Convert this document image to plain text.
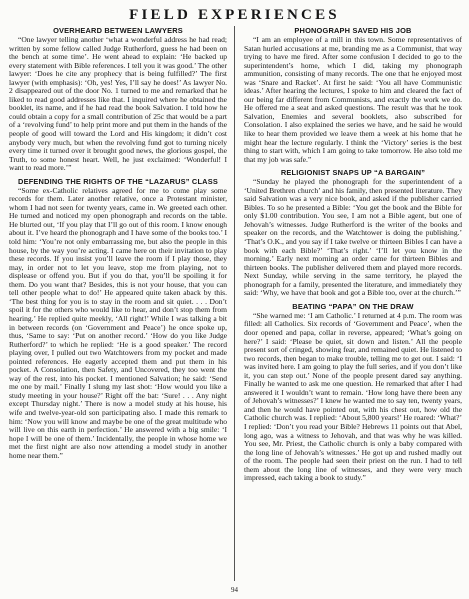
FIELD EXPERIENCES
OVERHEARD BETWEEN LAWYERS

“One lawyer telling another ‘what a wonderful address he had read; written by some fellow called Judge Rutherford, guess he had been on the bench at some time’. He went ahead to explain: ‘He backed up every statement with Bible references. I tell you it was good.’ The other lawyer: ‘Does he cite any prophecy that is being fulfilled?’ The first lawyer (with emphasis): ‘Oh, yes! Yes, I’ll say he does!’ As lawyer No. 2 disappeared out of the door No. 1 turned to me and remarked that he liked to read good addresses like that. I inquired where he obtained the booklet, its name, and if he had read the book Salvation. I told how he could obtain a copy for a small contribution of 25c that would be a part of a ‘revolving fund’ to help print more and put them in the hands of the people of good will toward the Lord and His kingdom; it didn’t cost anybody very much, but when the revolving fund got to turning nicely every time it turned over it brought good news, the glorious gospel, the Truth, to some honest heart. Well, he just exclaimed: ‘Wonderful! I want to read more.’”

DEFENDING THE RIGHTS OF THE “LAZARUS” CLASS

“Some ex-Catholic relatives agreed for me to come play some records for them. Later another relative, once a Protestant minister, whom I had not seen for twenty years, came in. We greeted each other. He turned and noticed my open phonograph and records on the table. He blurted out, ‘If you play that I’ll go out of this room. I know enough about it. I’ve heard the phonograph and I have some of the books too.’ I told him: ‘You’re not only embarrassing me, but also the people in this house, by the way you’re acting. I came here on their invitation to play these records. If you insist you’ll leave the room if I play those, they may, in order not to let you leave, stop me from playing, not to displease or offend you. But if you do that, you’ll be spoiling it for them. Do you want that? Besides, this is not your house, that you can tell other people what to do!’ He appeared quite taken aback by this. ‘The best thing for you is to stay in the room and sit quiet. . . . Don’t spoil it for the others who would like to hear, and don’t stop them from hearing.’ He replied quite meekly, ‘All right!’ While I was talking a bit in between records (on ‘Government and Peace’) he once spoke up, thus, ‘Same to say: ‘Put on another record.’ ‘How do you like Judge Rutherford?’ to which he replied: ‘He is a good speaker.’ The record playing over, I pulled out two Watchtowers from my pocket and made pointed references. He eagerly accepted them and put them in his pocket. A Consolation, then Safety, and Uncovered, they too went the way of the rest, into his pocket. I mentioned Salvation; he said: ‘Send me one by mail.’ Finally I slung my last shot: ‘How would you like a study meeting in your house?’ Right off the bat: ‘Sure! . . . Any night except Thursday night.’ There is now a model study at his house, his wife and twelve-year-old son participating also. I made this remark to him: ‘Now you will know and maybe be one of the great multitude who will live on this earth in perfection.’ He answered with a big smile: ‘I hope I will be one of them.’ Incidentally, the people in whose home we met the first night are also now attending a model study in another home near them.”

PHONOGRAPH SAVED HIS JOB

“I am an employee of a mill in this town. Some representatives of Satan hurled accusations at me, branding me as a Communist, that way trying to have me fired. After some confusion I decided to go to the superintendent’s home, which I did, taking my phonograph ammunition, consisting of many records. The one that he enjoyed most was ‘Snare and Racket’. At first he said: ‘You all have Communistic ideas.’ After hearing the lectures, I spoke to him and cleared the fact of our being far different from Communists, and exactly the work we do. He offered me a seat and asked questions. The result was that he took Salvation, Enemies and several booklets, also subscribed for Consolation. I also explained the series we have, and he said he would like to hear them provided we leave them a week at his home that he might hear the lecture regularly. I think the ‘Victory’ series is the best thing to start with, which I am going to take tomorrow. He also told me that my job was safe.”

RELIGIONIST SNAPS UP “A BARGAIN”

“Sunday he played the phonograph for the superintendent of a ‘United Brethren church’ and his family, then presented literature. They said Salvation was a very nice book, and asked if the publisher carried Bibles. To so he presented a Bible: ‘You get the book and the Bible for only $1.00 contribution. You see, I am not a Bible agent, but one of Jehovah’s witnesses. Judge Rutherford is the writer of the books and speaker on the records, and the Watchtower is doing the publishing.’ ‘That’s O.K., and you say if I take twelve or thirteen Bibles I can have a book with each Bible?’ ‘That’s right.’ ‘I’ll let you know in the morning.’ Early next morning an order came for thirteen Bibles and thirteen books. The publisher delivered them and played more records. Next Sunday, while serving in the same territory, he played the phonograph for a family, presented the literature, and immediately they said: ‘Why, we have that book and got a Bible too, over at the church.’”

BEATING “PAPA” ON THE DRAW

“She warned me: ‘I am Catholic.’ I returned at 4 p.m. The room was filled: all Catholics. Six records of ‘Government and Peace’, when the door opened and papa, collar in reverse, appeared; ‘What’s going on here?’ I said: ‘Please be quiet, sit down and listen.’ All the people present sort of cringed, showing fear, and remained quiet. He listened to two records, then began to make trouble, telling me to get out. I said: ‘I was invited here. I am going to play the full series, and if you don’t like it, you can step out.’ None of the people present dared say anything. Finally he wanted to ask me one question. He remarked that after I had answered it I wouldn’t want to remain. ‘How long have there been any of Jehovah’s witnesses?’ I knew he wanted me to say ten, twenty years, and then he would have pointed out, with his chest out, how old the Catholic church was. I replied: ‘About 5,800 years!’ He roared: ‘What?’ I replied: ‘Don’t you read your Bible? Hebrews 11 points out that Abel, long ago, was a witness to Jehovah, and that was why he was killed. You see, Mr. Priest, the Catholic church is only a baby compared with the long line of Jehovah’s witnesses.’ He got up and rushed madly out of the room. The people had seen their priest on the run. I had to tell them about the long line of witnesses, and they were very much impressed, each taking a book to study.”

94
